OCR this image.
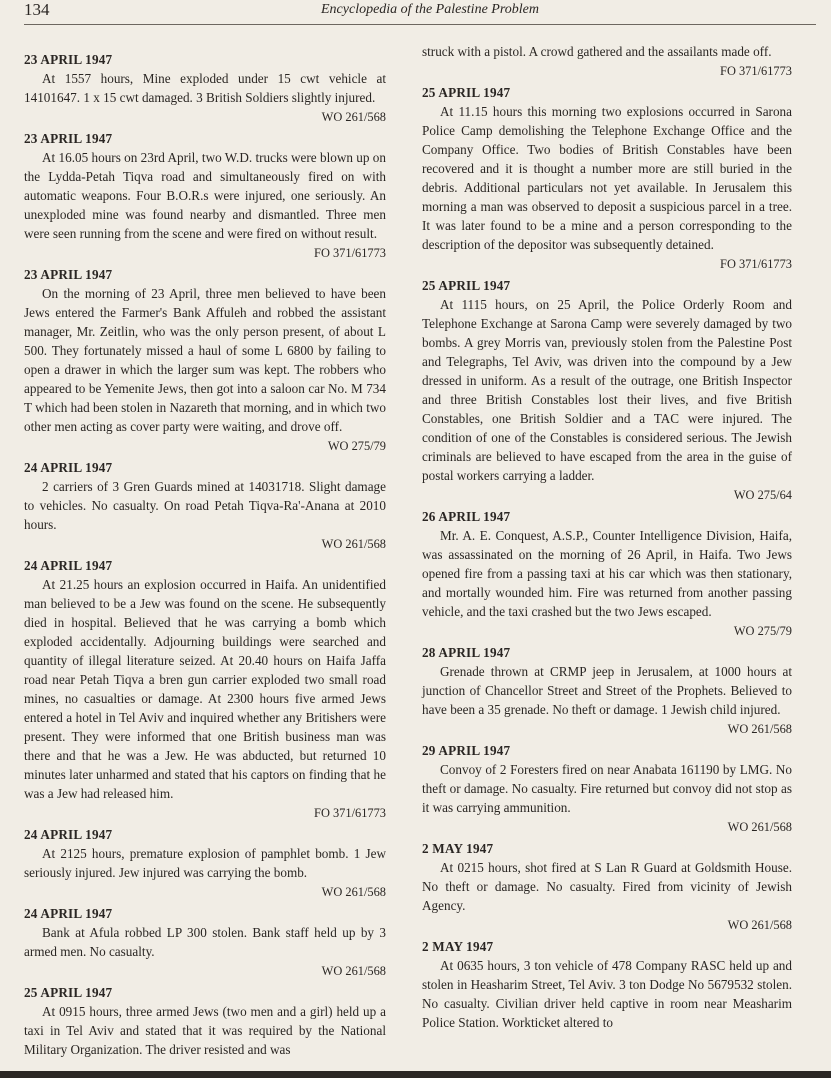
134	Encyclopedia of the Palestine Problem
23 APRIL 1947
At 1557 hours, Mine exploded under 15 cwt vehicle at 14101647. 1 x 15 cwt damaged. 3 British Soldiers slightly injured.
WO 261/568
23 APRIL 1947
At 16.05 hours on 23rd April, two W.D. trucks were blown up on the Lydda-Petah Tiqva road and simultaneously fired on with automatic weapons. Four B.O.R.s were injured, one seriously. An unexploded mine was found nearby and dismantled. Three men were seen running from the scene and were fired on without result.
FO 371/61773
23 APRIL 1947
On the morning of 23 April, three men believed to have been Jews entered the Farmer's Bank Affuleh and robbed the assistant manager, Mr. Zeitlin, who was the only person present, of about L 500. They fortunately missed a haul of some L 6800 by failing to open a drawer in which the larger sum was kept. The robbers who appeared to be Yemenite Jews, then got into a saloon car No. M 734 T which had been stolen in Nazareth that morning, and in which two other men acting as cover party were waiting, and drove off.
WO 275/79
24 APRIL 1947
2 carriers of 3 Gren Guards mined at 14031718. Slight damage to vehicles. No casualty. On road Petah Tiqva-Ra'-Anana at 2010 hours.
WO 261/568
24 APRIL 1947
At 21.25 hours an explosion occurred in Haifa. An unidentified man believed to be a Jew was found on the scene. He subsequently died in hospital. Believed that he was carrying a bomb which exploded accidentally. Adjourning buildings were searched and quantity of illegal literature seized. At 20.40 hours on Haifa Jaffa road near Petah Tiqva a bren gun carrier exploded two small road mines, no casualties or damage. At 2300 hours five armed Jews entered a hotel in Tel Aviv and inquired whether any Britishers were present. They were informed that one British business man was there and that he was a Jew. He was abducted, but returned 10 minutes later unharmed and stated that his captors on finding that he was a Jew had released him.
FO 371/61773
24 APRIL 1947
At 2125 hours, premature explosion of pamphlet bomb. 1 Jew seriously injured. Jew injured was carrying the bomb.
WO 261/568
24 APRIL 1947
Bank at Afula robbed LP 300 stolen. Bank staff held up by 3 armed men. No casualty.
WO 261/568
25 APRIL 1947
At 0915 hours, three armed Jews (two men and a girl) held up a taxi in Tel Aviv and stated that it was required by the National Military Organization. The driver resisted and was
struck with a pistol. A crowd gathered and the assailants made off.
FO 371/61773
25 APRIL 1947
At 11.15 hours this morning two explosions occurred in Sarona Police Camp demolishing the Telephone Exchange Office and the Company Office. Two bodies of British Constables have been recovered and it is thought a number more are still buried in the debris. Additional particulars not yet available. In Jerusalem this morning a man was observed to deposit a suspicious parcel in a tree. It was later found to be a mine and a person corresponding to the description of the depositor was subsequently detained.
FO 371/61773
25 APRIL 1947
At 1115 hours, on 25 April, the Police Orderly Room and Telephone Exchange at Sarona Camp were severely damaged by two bombs. A grey Morris van, previously stolen from the Palestine Post and Telegraphs, Tel Aviv, was driven into the compound by a Jew dressed in uniform. As a result of the outrage, one British Inspector and three British Constables lost their lives, and five British Constables, one British Soldier and a TAC were injured. The condition of one of the Constables is considered serious. The Jewish criminals are believed to have escaped from the area in the guise of postal workers carrying a ladder.
WO 275/64
26 APRIL 1947
Mr. A. E. Conquest, A.S.P., Counter Intelligence Division, Haifa, was assassinated on the morning of 26 April, in Haifa. Two Jews opened fire from a passing taxi at his car which was then stationary, and mortally wounded him. Fire was returned from another passing vehicle, and the taxi crashed but the two Jews escaped.
WO 275/79
28 APRIL 1947
Grenade thrown at CRMP jeep in Jerusalem, at 1000 hours at junction of Chancellor Street and Street of the Prophets. Believed to have been a 35 grenade. No theft or damage. 1 Jewish child injured.
WO 261/568
29 APRIL 1947
Convoy of 2 Foresters fired on near Anabata 161190 by LMG. No theft or damage. No casualty. Fire returned but convoy did not stop as it was carrying ammunition.
WO 261/568
2 MAY 1947
At 0215 hours, shot fired at S Lan R Guard at Goldsmith House. No theft or damage. No casualty. Fired from vicinity of Jewish Agency.
WO 261/568
2 MAY 1947
At 0635 hours, 3 ton vehicle of 478 Company RASC held up and stolen in Heasharim Street, Tel Aviv. 3 ton Dodge No 5679532 stolen. No casualty. Civilian driver held captive in room near Measharim Police Station. Workticket altered to
